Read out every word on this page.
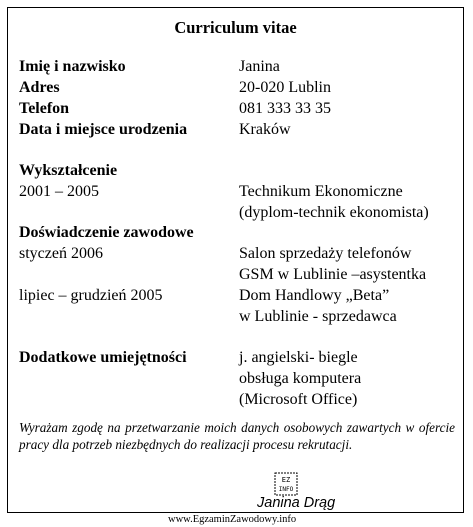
Curriculum vitae
Imię i nazwisko	Janina
Adres	20-020 Lublin
Telefon	081 333 33 35
Data i miejsce urodzenia	Kraków
Wykształcenie
2001 – 2005	Technikum Ekonomiczne
(dyplom-technik ekonomista)
Doświadczenie zawodowe
styczeń 2006	Salon sprzedaży telefonów
GSM w Lublinie –asystentka
lipiec – grudzień 2005	Dom Handlowy „Beta”
w Lublinie - sprzedawca
Dodatkowe umiejętności	j. angielski- biegle
obsługa komputera
(Microsoft Office)
Wyrażam zgodę na przetwarzanie moich danych osobowych zawartych w ofercie pracy dla potrzeb niezbędnych do realizacji procesu rekrutacji.
EZ
INFO
Janina Drąg
www.EgzaminZawodowy.info
